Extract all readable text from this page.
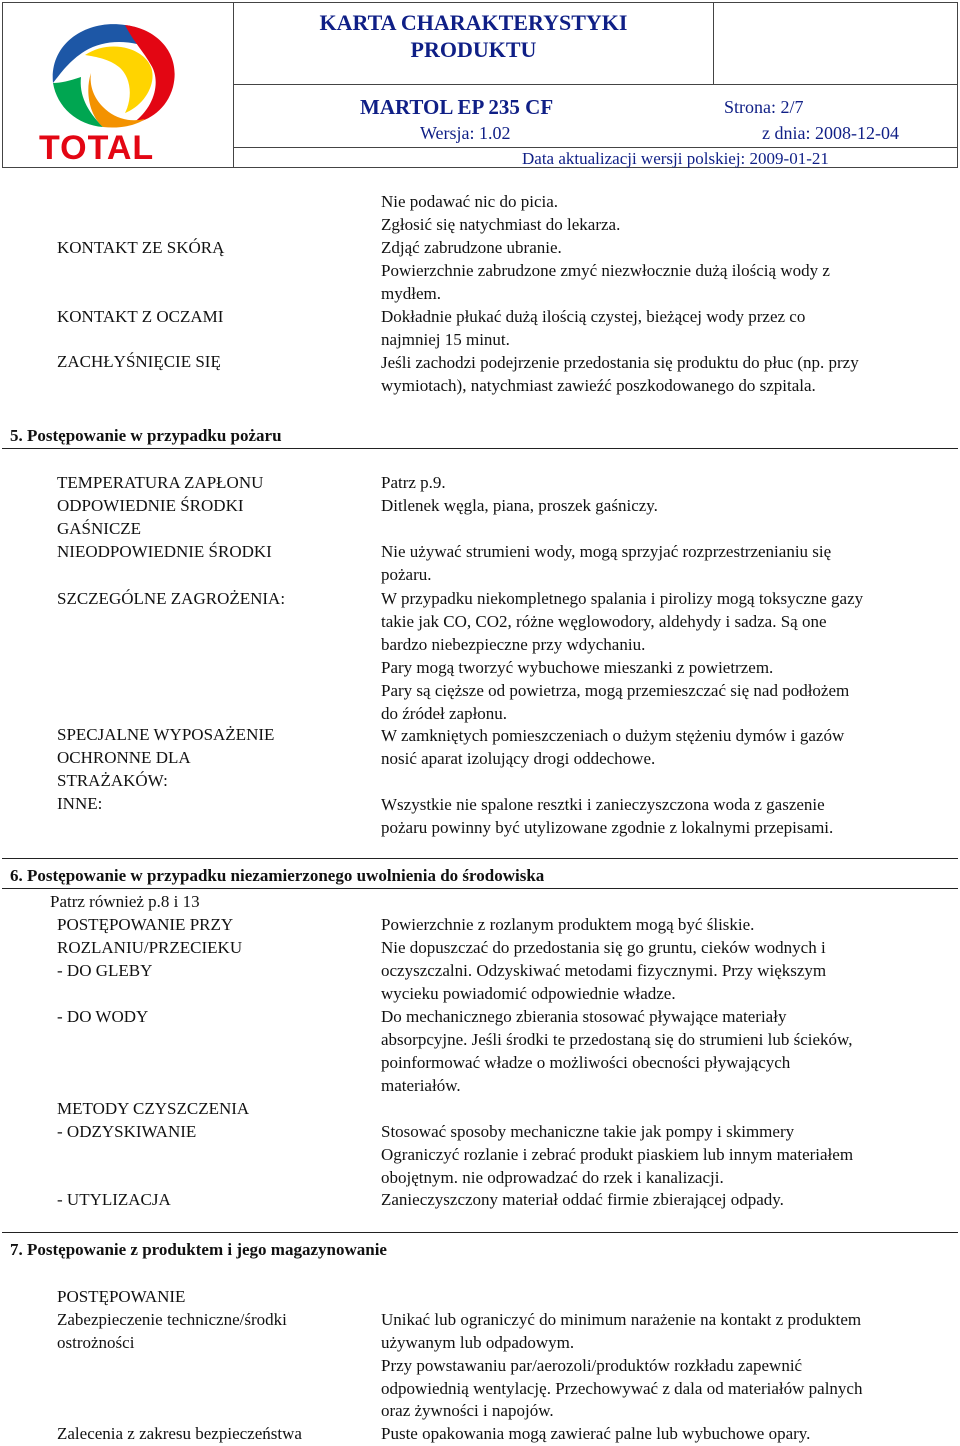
TOTAL
KARTA CHARAKTERYSTYKI
PRODUKTU
MARTOL EP 235 CF	Strona: 2/7
Wersja: 1.02	z dnia: 2008-12-04
Data aktualizacji wersji polskiej: 2009-01-21
KONTAKT ZE SKÓRĄ
KONTAKT Z OCZAMI
ZACHŁYŚNIĘCIE SIĘ
Nie podawać nic do picia.
Zgłosić się natychmiast do lekarza.
Zdjąć zabrudzone ubranie.
Powierzchnie zabrudzone zmyć niezwłocznie dużą ilością wody z
mydłem.
Dokładnie płukać dużą ilością czystej, bieżącej wody przez co
najmniej 15 minut.
Jeśli zachodzi podejrzenie przedostania się produktu do płuc (np. przy
wymiotach), natychmiast zawieźć poszkodowanego do szpitala.
5. Postępowanie w przypadku pożaru
TEMPERATURA ZAPŁONU
ODPOWIEDNIE ŚRODKI
GAŚNICZE
NIEODPOWIEDNIE ŚRODKI
SZCZEGÓLNE ZAGROŻENIA:
SPECJALNE WYPOSAŻENIE
OCHRONNE DLA
STRAŻAKÓW:
INNE:
Patrz p.9.
Ditlenek węgla, piana, proszek gaśniczy.
Nie używać strumieni wody, mogą sprzyjać rozprzestrzenianiu się
pożaru.
W przypadku niekompletnego spalania i pirolizy mogą toksyczne gazy
takie jak CO, CO2, różne węglowodory, aldehydy i sadza. Są one
bardzo niebezpieczne przy wdychaniu.
Pary mogą tworzyć wybuchowe mieszanki z powietrzem.
Pary są cięższe od powietrza, mogą przemieszczać się nad podłożem
do źródeł zapłonu.
W zamkniętych pomieszczeniach o dużym stężeniu dymów i gazów
nosić aparat izolujący drogi oddechowe.
Wszystkie nie spalone resztki i zanieczyszczona woda z gaszenie
pożaru powinny być utylizowane zgodnie z lokalnymi przepisami.
6. Postępowanie w przypadku niezamierzonego uwolnienia do środowiska
Patrz również p.8 i 13
POSTĘPOWANIE PRZY
ROZLANIU/PRZECIEKU
- DO GLEBY
- DO WODY
METODY CZYSZCZENIA
- ODZYSKIWANIE
- UTYLIZACJA
Powierzchnie z rozlanym produktem mogą być śliskie.
Nie dopuszczać do przedostania się go gruntu, cieków wodnych i
oczyszczalni. Odzyskiwać metodami fizycznymi. Przy większym
wycieku powiadomić odpowiednie władze.
Do mechanicznego zbierania stosować pływające materiały
absorpcyjne. Jeśli środki te przedostaną się do strumieni lub ścieków,
poinformować władze o możliwości obecności pływających
materiałów.
Stosować sposoby mechaniczne takie jak pompy i skimmery
Ograniczyć rozlanie i zebrać produkt piaskiem lub innym materiałem
obojętnym. nie odprowadzać do rzek i kanalizacji.
Zanieczyszczony materiał oddać firmie zbierającej odpady.
7. Postępowanie z produktem i jego magazynowanie
POSTĘPOWANIE
Zabezpieczenie techniczne/środki
ostrożności
Zalecenia z zakresu bezpieczeństwa
Unikać lub ograniczyć do minimum narażenie na kontakt z produktem
używanym lub odpadowym.
Przy powstawaniu par/aerozoli/produktów rozkładu zapewnić
odpowiednią wentylację. Przechowywać z dala od materiałów palnych
oraz żywności i napojów.
Puste opakowania mogą zawierać palne lub wybuchowe opary.
